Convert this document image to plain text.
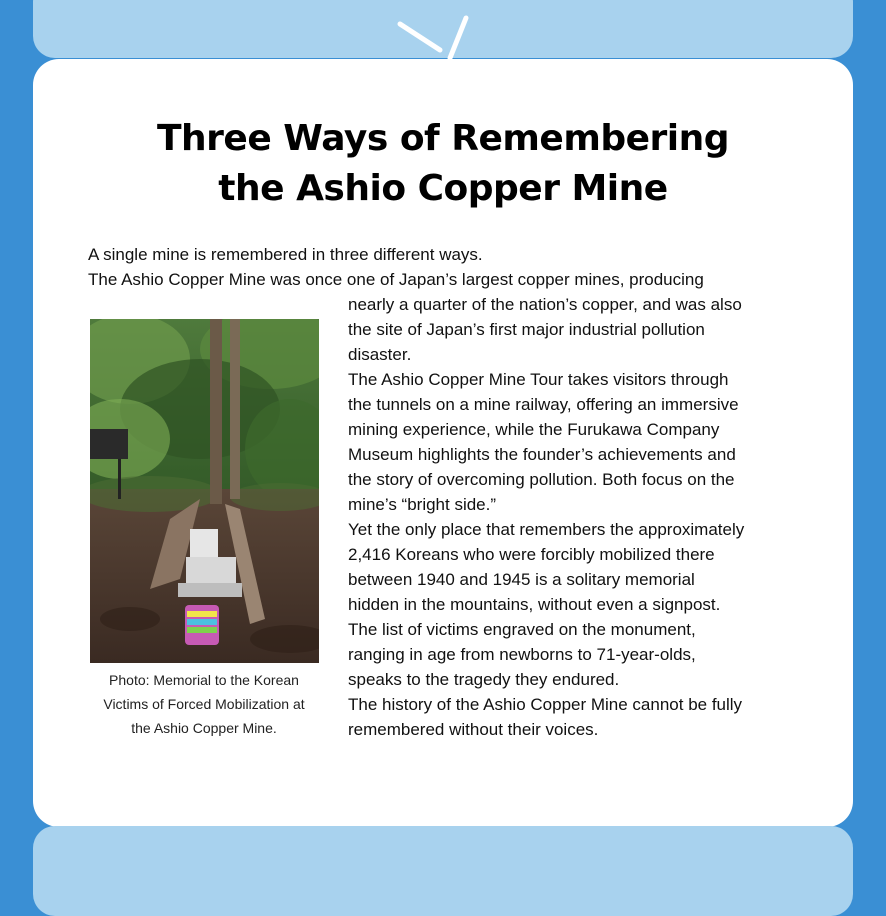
Three Ways of Remembering
the Ashio Copper Mine
A single mine is remembered in three different ways.
The Ashio Copper Mine was once one of Japan’s largest copper mines, producing
Photo: Memorial to the Korean
Victims of Forced Mobilization at
the Ashio Copper Mine.
nearly a quarter of the nation’s copper, and was also
the site of Japan’s first major industrial pollution
disaster.
The Ashio Copper Mine Tour takes visitors through
the tunnels on a mine railway, offering an immersive
mining experience, while the Furukawa Company
Museum highlights the founder’s achievements and
the story of overcoming pollution. Both focus on the
mine’s “bright side.”
Yet the only place that remembers the approximately
2,416 Koreans who were forcibly mobilized there
between 1940 and 1945 is a solitary memorial
hidden in the mountains, without even a signpost.
The list of victims engraved on the monument,
ranging in age from newborns to 71-year-olds,
speaks to the tragedy they endured.
The history of the Ashio Copper Mine cannot be fully
remembered without their voices.
